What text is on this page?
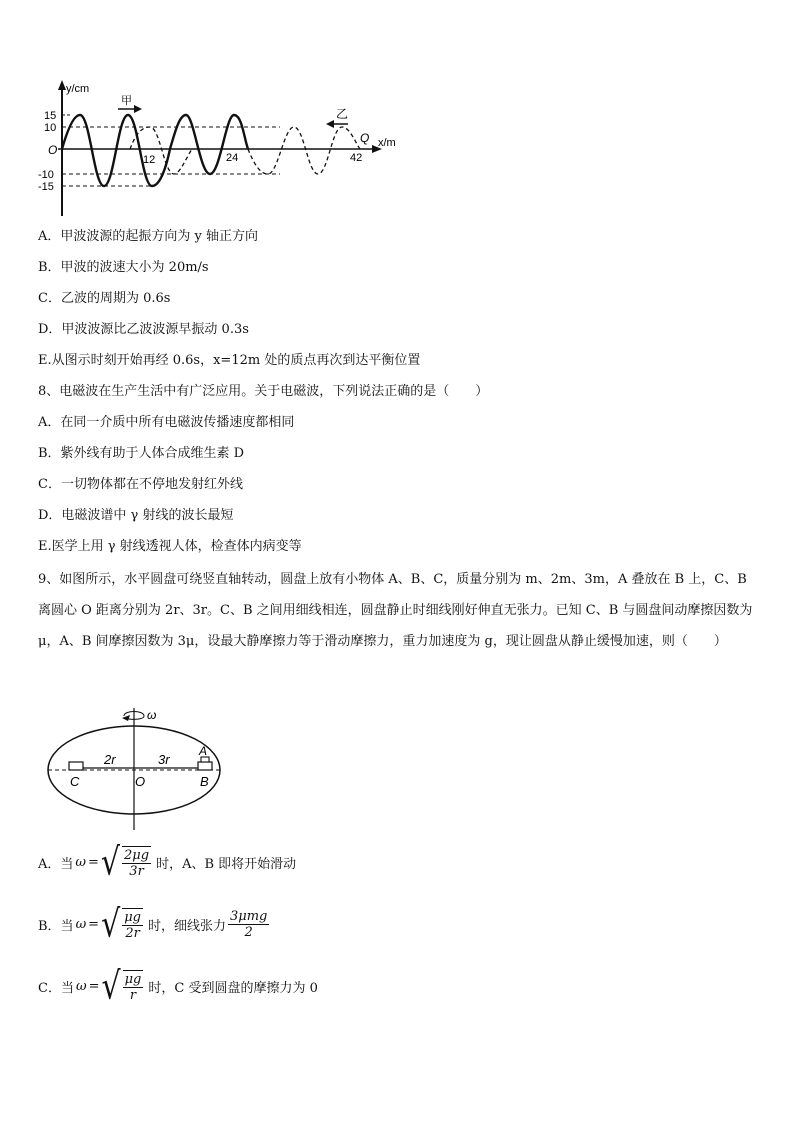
y/cm
x/m
O
15
10
-10
-15
12	24	42
甲
乙
Q
A．甲波波源的起振方向为 y 轴正方向
B．甲波的波速大小为 20m/s
C．乙波的周期为 0.6s
D．甲波波源比乙波波源早振动 0.3s
E.从图示时刻开始再经 0.6s，x=12m 处的质点再次到达平衡位置
8、电磁波在生产生活中有广泛应用。关于电磁波，下列说法正确的是（　　）
A．在同一介质中所有电磁波传播速度都相同
B．紫外线有助于人体合成维生素 D
C．一切物体都在不停地发射红外线
D．电磁波谱中 γ 射线的波长最短
E.医学上用 γ 射线透视人体，检查体内病变等
9、如图所示，水平圆盘可绕竖直轴转动，圆盘上放有小物体 A、B、C，质量分别为 m、2m、3m，A 叠放在 B 上，C、B 离圆心 O 距离分别为 2r、3r。C、B 之间用细线相连，圆盘静止时细线刚好伸直无张力。已知 C、B 与圆盘间动摩擦因数为 μ，A、B 间摩擦因数为 3μ，设最大静摩擦力等于滑动摩擦力，重力加速度为 g，现让圆盘从静止缓慢加速，则（　　）
ω
2r	3r
A
C	O	B
A．当 ω = √ $\frac{2\mu g}{3r}$ 时，A、B 即将开始滑动
B．当 ω = √ $\frac{\mu g}{2r}$ 时，细线张力 $\frac{\text{3μmg}}{2}$
C．当 ω = √ $\frac{\mu g}{r}$ 时，C 受到圆盘的摩擦力为 0
